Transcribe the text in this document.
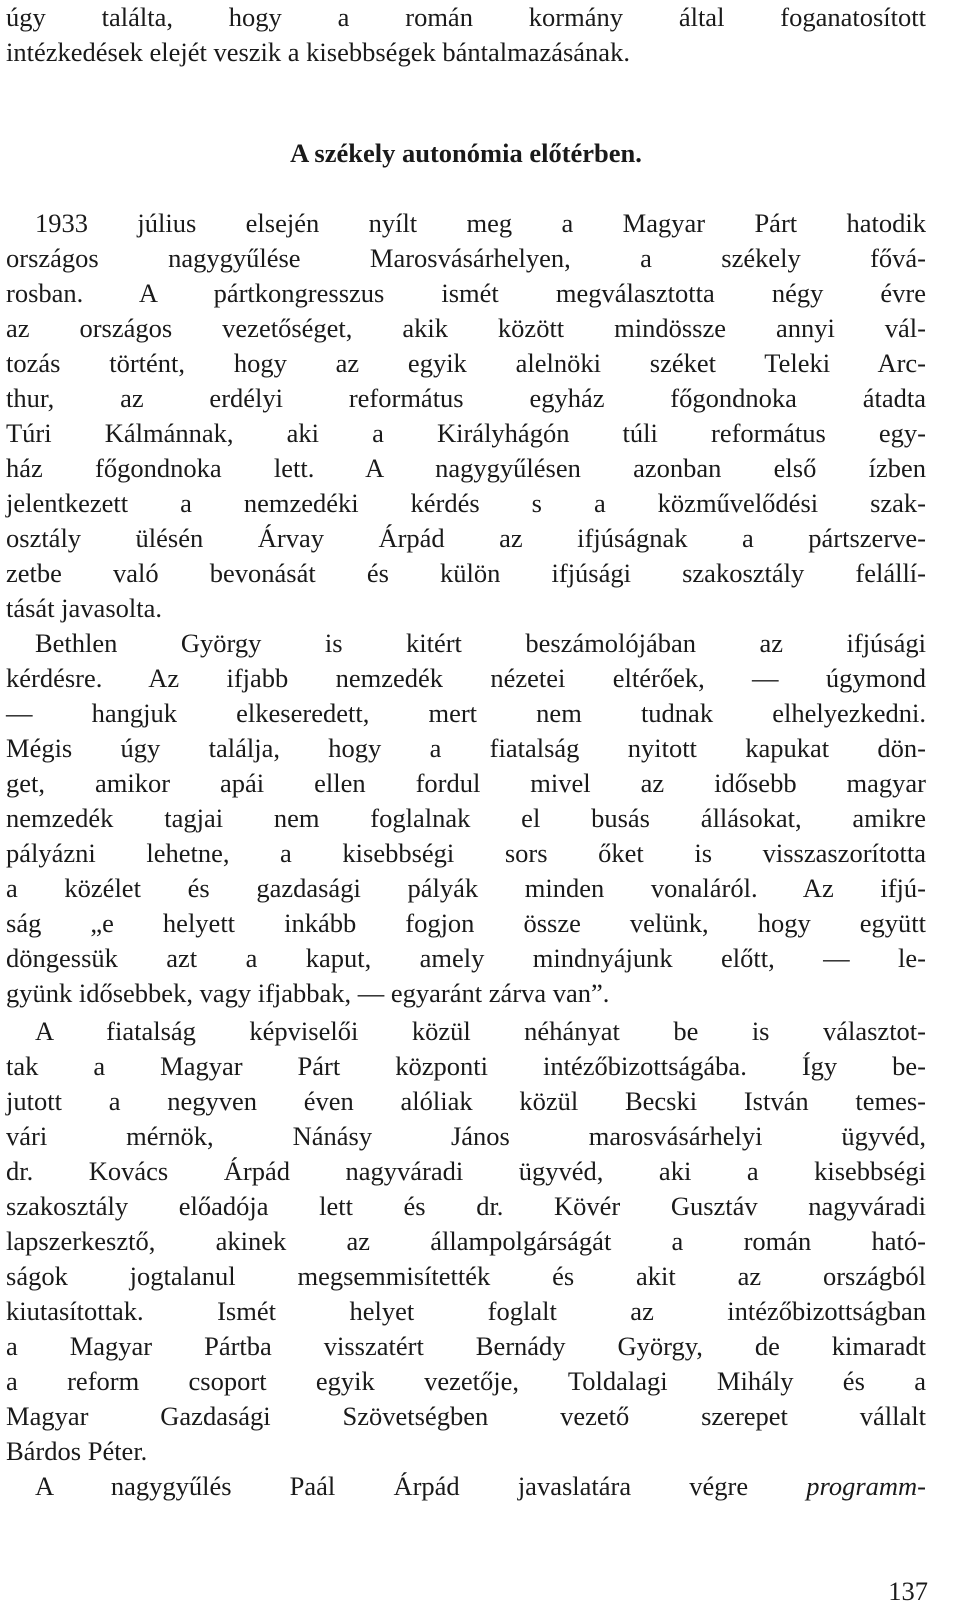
úgy találta, hogy a román kormány által foganatosított
intézkedések elejét veszik a kisebbségek bántalmazásának.
A székely autonómia előtérben.
1933 július elsején nyílt meg a Magyar Párt hatodik
országos nagygyűlése Marosvásárhelyen, a székely fővá-
rosban. A pártkongresszus ismét megválasztotta négy évre
az országos vezetőséget, akik között mindössze annyi vál-
tozás történt, hogy az egyik alelnöki széket Teleki Arc-
thur, az erdélyi református egyház főgondnoka átadta
Túri Kálmánnak, aki a Királyhágón túli református egy-
ház főgondnoka lett. A nagygyűlésen azonban első ízben
jelentkezett a nemzedéki kérdés s a közművelődési szak-
osztály ülésén Árvay Árpád az ifjúságnak a pártszerve-
zetbe való bevonását és külön ifjúsági szakosztály felállí-
tását javasolta.
Bethlen György is kitért beszámolójában az ifjúsági
kérdésre. Az ifjabb nemzedék nézetei eltérőek, — úgymond
— hangjuk elkeseredett, mert nem tudnak elhelyezkedni.
Mégis úgy találja, hogy a fiatalság nyitott kapukat dön-
get, amikor apái ellen fordul mivel az idősebb magyar
nemzedék tagjai nem foglalnak el busás állásokat, amikre
pályázni lehetne, a kisebbségi sors őket is visszaszorította
a közélet és gazdasági pályák minden vonaláról. Az ifjú-
ság „e helyett inkább fogjon össze velünk, hogy együtt
döngessük azt a kaput, amely mindnyájunk előtt, — le-
gyünk idősebbek, vagy ifjabbak, — egyaránt zárva van”.
A fiatalság képviselői közül néhányat be is választot-
tak a Magyar Párt központi intézőbizottságába. Így be-
jutott a negyven éven alóliak közül Becski István temes-
vári mérnök, Nánásy János marosvásárhelyi ügyvéd,
dr. Kovács Árpád nagyváradi ügyvéd, aki a kisebbségi
szakosztály előadója lett és dr. Kövér Gusztáv nagyváradi
lapszerkesztő, akinek az állampolgárságát a román ható-
ságok jogtalanul megsemmisítették és akit az országból
kiutasítottak. Ismét helyet foglalt az intézőbizottságban
a Magyar Pártba visszatért Bernády György, de kimaradt
a reform csoport egyik vezetője, Toldalagi Mihály és a
Magyar Gazdasági Szövetségben vezető szerepet vállalt
Bárdos Péter.
A nagygyűlés Paál Árpád javaslatára végre programm-
137
